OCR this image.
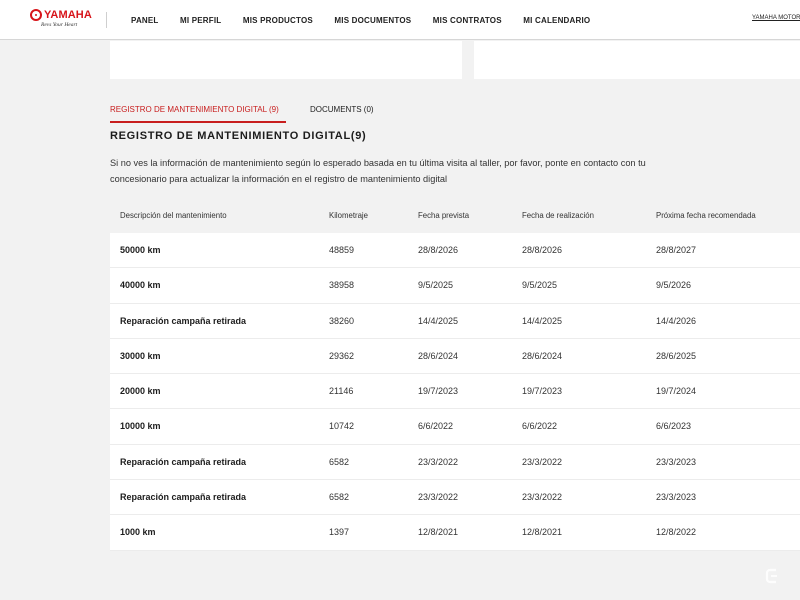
YAMAHA
Revs Your Heart
PANEL	MI PERFIL	MIS PRODUCTOS	MIS DOCUMENTOS	MIS CONTRATOS	MI CALENDARIO	YAMAHA MOTOR
REGISTRO DE MANTENIMIENTO DIGITAL (9)	DOCUMENTS (0)
REGISTRO DE MANTENIMIENTO DIGITAL(9)

Si no ves la información de mantenimiento según lo esperado basada en tu última visita al taller, por favor, ponte en contacto con tu concesionario para actualizar la información en el registro de mantenimiento digital

Descripción del mantenimiento	Kilometraje	Fecha prevista	Fecha de realización	Próxima fecha recomendada
50000 km	48859	28/8/2026	28/8/2026	28/8/2027
40000 km	38958	9/5/2025	9/5/2025	9/5/2026
Reparación campaña retirada	38260	14/4/2025	14/4/2025	14/4/2026
30000 km	29362	28/6/2024	28/6/2024	28/6/2025
20000 km	21146	19/7/2023	19/7/2023	19/7/2024
10000 km	10742	6/6/2022	6/6/2022	6/6/2023
Reparación campaña retirada	6582	23/3/2022	23/3/2022	23/3/2023
Reparación campaña retirada	6582	23/3/2022	23/3/2022	23/3/2023
1000 km	1397	12/8/2021	12/8/2021	12/8/2022
